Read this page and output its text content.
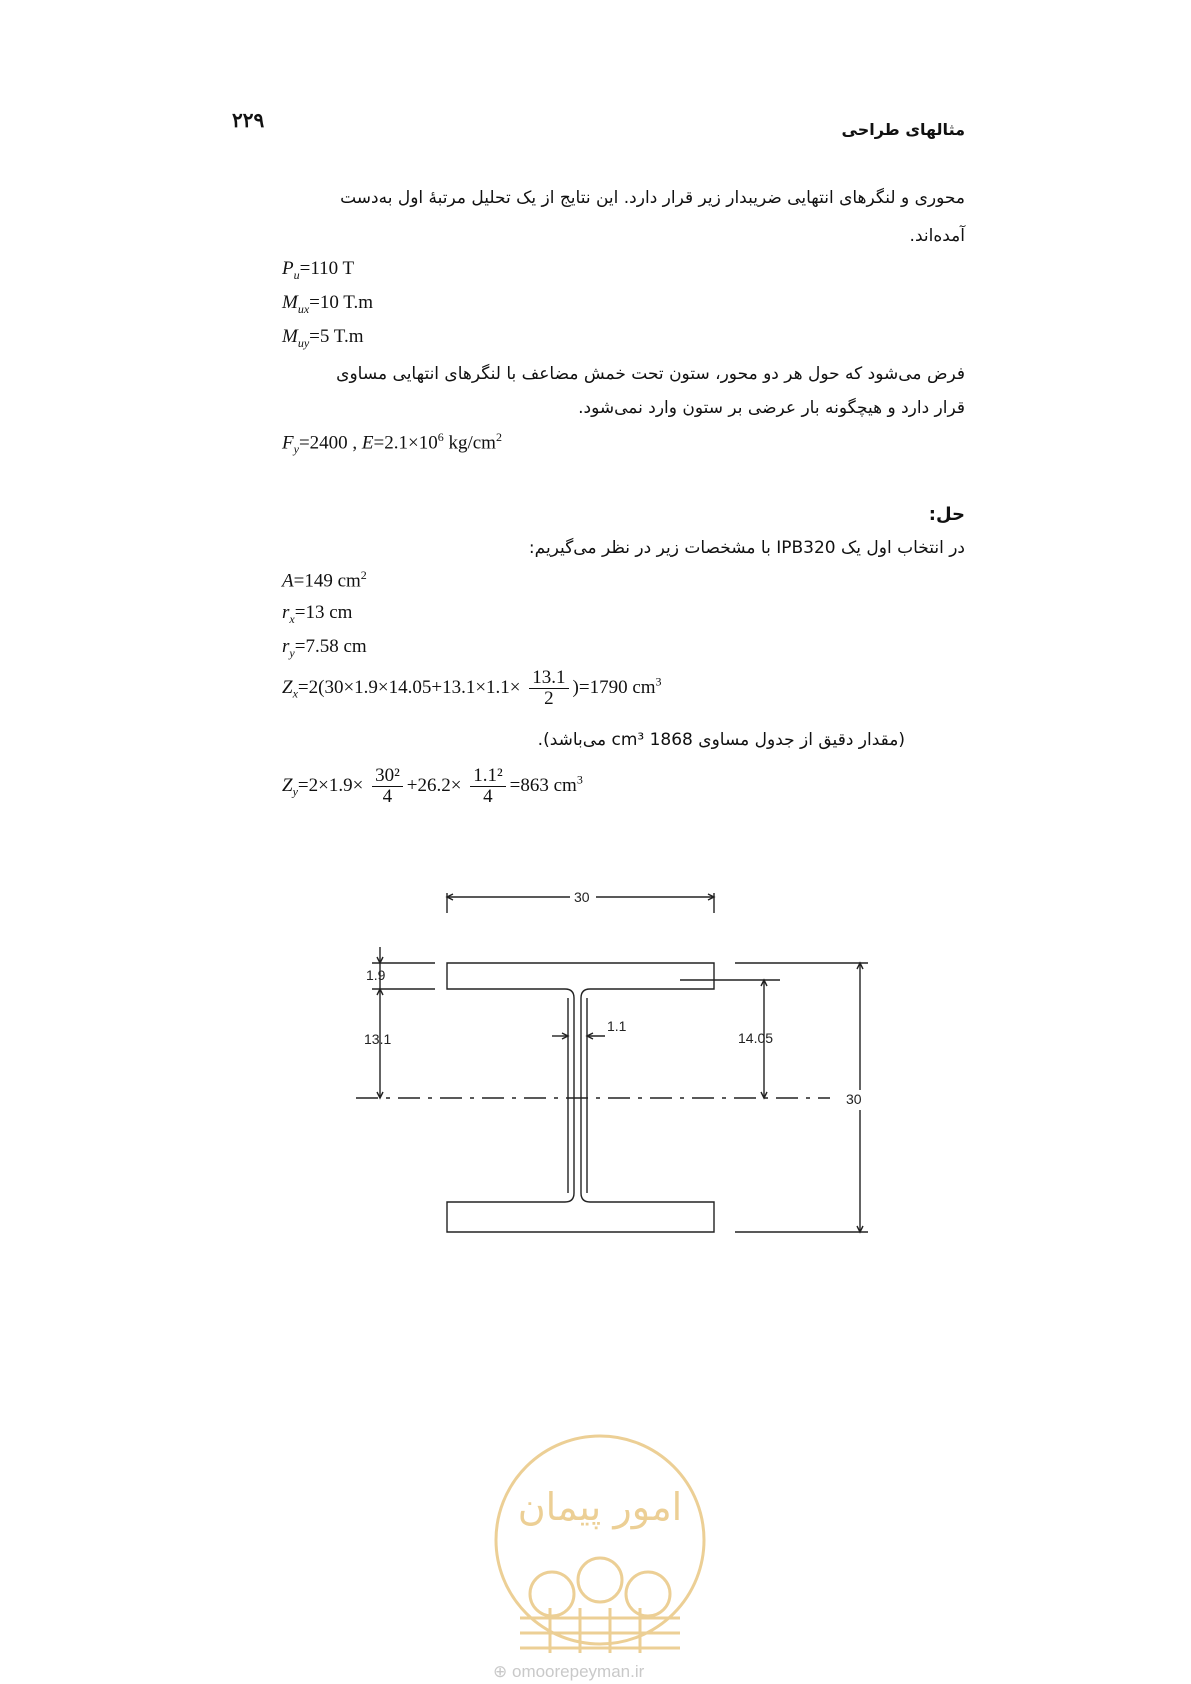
۲۲۹	مثالهای طراحی
محوری و لنگرهای انتهایی ضریبدار زیر قرار دارد. این نتایج از یک تحلیل مرتبهٔ اول به‌دست
آمده‌اند.
$P_u=110$ T
$M_{ux}=10$ T.m
$M_{uy}=5$ T.m
فرض می‌شود که حول هر دو محور، ستون تحت خمش مضاعف با لنگرهای انتهایی مساوی
قرار دارد و هیچگونه بار عرضی بر ستون وارد نمی‌شود.
$F_y=2400$ , $E=2.1\times 10^6$ $kg/cm^2$
حل:
در انتخاب اول یک IPB‌320 با مشخصات زیر در نظر می‌گیریم:
A=149 $cm^2$
$r_x=13$ cm
$r_y=7.58$ cm
$Z_x=2(30\times 1.9\times 14.05+13.1\times 1.1\times \frac{13.1}{2} )=1790$ $cm^3$
(مقدار دقیق از جدول مساوی 1868 cm³ می‌باشد).
$Z_y=2\times 1.9\times \frac{\text{30²}}{4} +26.2\times \frac{\text{1.1²}}{4} =863$ $cm^3$
30
1.9
13.1
1.1
14.05
30
امور پیمان
⊕ omoorepeyman.ir
